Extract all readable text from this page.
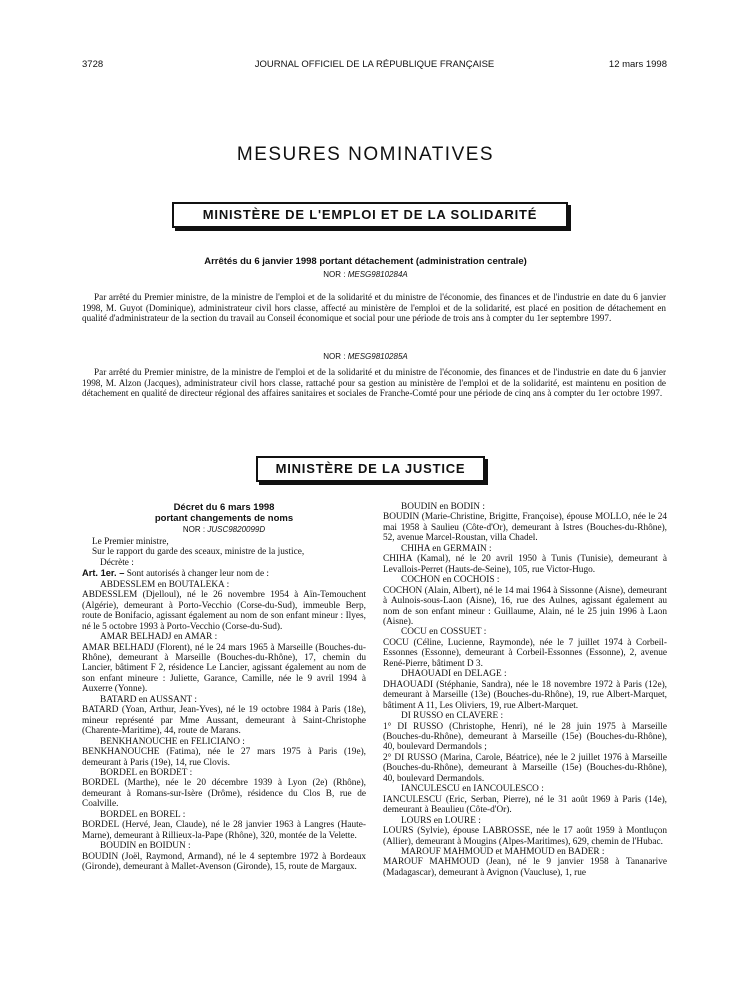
3728	JOURNAL OFFICIEL DE LA RÉPUBLIQUE FRANÇAISE	12 mars 1998
MESURES NOMINATIVES
MINISTÈRE DE L'EMPLOI ET DE LA SOLIDARITÉ
Arrêtés du 6 janvier 1998 portant détachement (administration centrale)
NOR : MESG9810284A

Par arrêté du Premier ministre, de la ministre de l'emploi et de la solidarité et du ministre de l'économie, des finances et de l'industrie en date du 6 janvier 1998, M. Guyot (Dominique), administrateur civil hors classe, affecté au ministère de l'emploi et de la solidarité, est placé en position de détachement en qualité d'administrateur de la section du travail au Conseil économique et social pour une période de trois ans à compter du 1er septembre 1997.

NOR : MESG9810285A

Par arrêté du Premier ministre, de la ministre de l'emploi et de la solidarité et du ministre de l'économie, des finances et de l'industrie en date du 6 janvier 1998, M. Alzon (Jacques), administrateur civil hors classe, rattaché pour sa gestion au ministère de l'emploi et de la solidarité, est maintenu en position de détachement en qualité de directeur régional des affaires sanitaires et sociales de Franche-Comté pour une période de cinq ans à compter du 1er octobre 1997.

MINISTÈRE DE LA JUSTICE
Décret du 6 mars 1998
portant changements de noms
NOR : JUSC9820099D

Le Premier ministre,

Sur le rapport du garde des sceaux, ministre de la justice,

Décrète :

Art. 1er. – Sont autorisés à changer leur nom de :

ABDESSLEM en BOUTALEKA :

ABDESSLEM (Djelloul), né le 26 novembre 1954 à Aïn-Temouchent (Algérie), demeurant à Porto-Vecchio (Corse-du-Sud), immeuble Berp, route de Bonifacio, agissant également au nom de son enfant mineur : Ilyes, né le 5 octobre 1993 à Porto-Vecchio (Corse-du-Sud).

AMAR BELHADJ en AMAR :

AMAR BELHADJ (Florent), né le 24 mars 1965 à Marseille (Bouches-du-Rhône), demeurant à Marseille (Bouches-du-Rhône), 17, chemin du Lancier, bâtiment F 2, résidence Le Lancier, agissant également au nom de son enfant mineure : Juliette, Garance, Camille, née le 9 avril 1994 à Auxerre (Yonne).

BATARD en AUSSANT :

BATARD (Yoan, Arthur, Jean-Yves), né le 19 octobre 1984 à Paris (18e), mineur représenté par Mme Aussant, demeurant à Saint-Christophe (Charente-Maritime), 44, route de Marans.

BENKHANOUCHE en FELICIANO :

BENKHANOUCHE (Fatima), née le 27 mars 1975 à Paris (19e), demeurant à Paris (19e), 14, rue Clovis.

BORDEL en BORDET :

BORDEL (Marthe), née le 20 décembre 1939 à Lyon (2e) (Rhône), demeurant à Romans-sur-Isère (Drôme), résidence du Clos B, rue de Coalville.

BORDEL en BOREL :

BORDEL (Hervé, Jean, Claude), né le 28 janvier 1963 à Langres (Haute-Marne), demeurant à Rillieux-la-Pape (Rhône), 320, montée de la Velette.

BOUDIN en BOIDUN :

BOUDIN (Joël, Raymond, Armand), né le 4 septembre 1972 à Bordeaux (Gironde), demeurant à Mallet-Avenson (Gironde), 15, route de Margaux.

BOUDIN en BODIN :

BOUDIN (Marie-Christine, Brigitte, Françoise), épouse MOLLO, née le 24 mai 1958 à Saulieu (Côte-d'Or), demeurant à Istres (Bouches-du-Rhône), 52, avenue Marcel-Roustan, villa Chadel.

CHIHA en GERMAIN :

CHIHA (Kamal), né le 20 avril 1950 à Tunis (Tunisie), demeurant à Levallois-Perret (Hauts-de-Seine), 105, rue Victor-Hugo.

COCHON en COCHOIS :

COCHON (Alain, Albert), né le 14 mai 1964 à Sissonne (Aisne), demeurant à Aulnois-sous-Laon (Aisne), 16, rue des Aulnes, agissant également au nom de son enfant mineur : Guillaume, Alain, né le 25 juin 1996 à Laon (Aisne).

COCU en COSSUET :

COCU (Céline, Lucienne, Raymonde), née le 7 juillet 1974 à Corbeil-Essonnes (Essonne), demeurant à Corbeil-Essonnes (Essonne), 2, avenue René-Pierre, bâtiment D 3.

DHAOUADI en DELAGE :

DHAOUADI (Stéphanie, Sandra), née le 18 novembre 1972 à Paris (12e), demeurant à Marseille (13e) (Bouches-du-Rhône), 19, rue Albert-Marquet, bâtiment A 11, Les Oliviers, 19, rue Albert-Marquet.

DI RUSSO en CLAVERE :

1° DI RUSSO (Christophe, Henri), né le 28 juin 1975 à Marseille (Bouches-du-Rhône), demeurant à Marseille (15e) (Bouches-du-Rhône), 40, boulevard Dermandols ;

2° DI RUSSO (Marina, Carole, Béatrice), née le 2 juillet 1976 à Marseille (Bouches-du-Rhône), demeurant à Marseille (15e) (Bouches-du-Rhône), 40, boulevard Dermandols.

IANCULESCU en IANCOULESCO :

IANCULESCU (Eric, Serban, Pierre), né le 31 août 1969 à Paris (14e), demeurant à Beaulieu (Côte-d'Or).

LOURS en LOURE :

LOURS (Sylvie), épouse LABROSSE, née le 17 août 1959 à Montluçon (Allier), demeurant à Mougins (Alpes-Maritimes), 629, chemin de l'Hubac.

MAROUF MAHMOUD et MAHMOUD en BADER :

MAROUF MAHMOUD (Jean), né le 9 janvier 1958 à Tananarive (Madagascar), demeurant à Avignon (Vaucluse), 1, rue
